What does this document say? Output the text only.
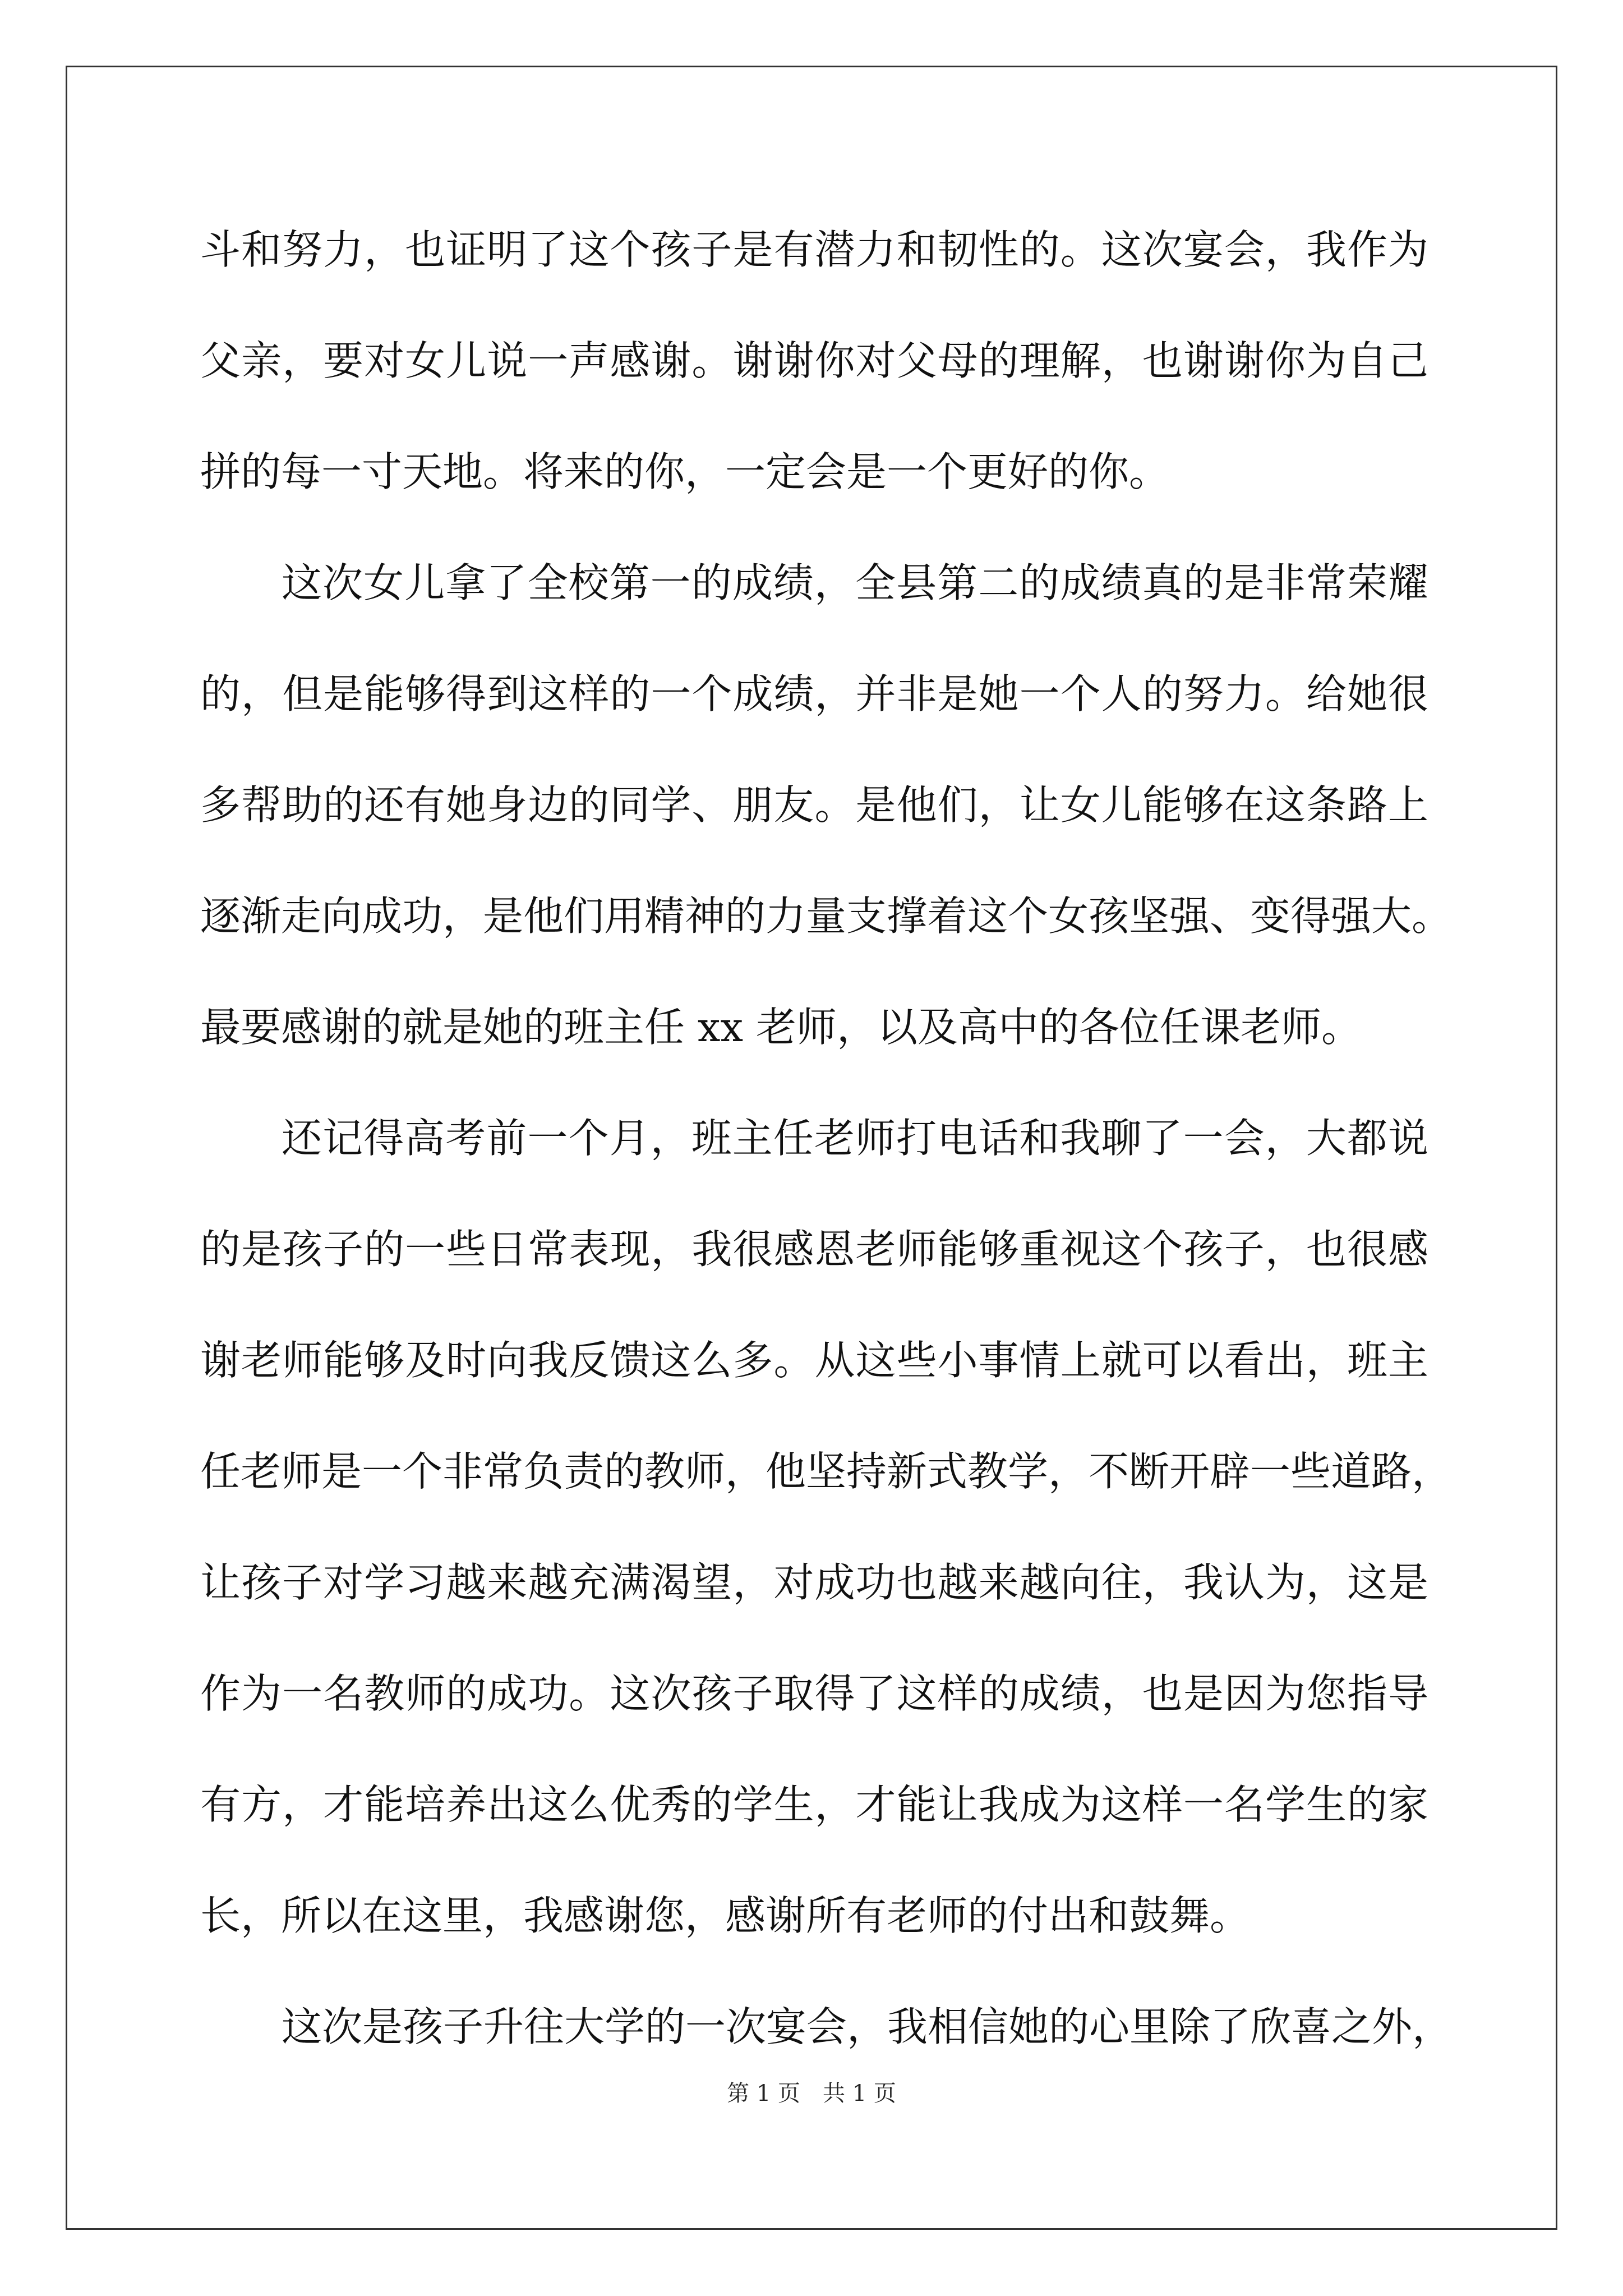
斗和努力，也证明了这个孩子是有潜力和韧性的。这次宴会，我作为
父亲，要对女儿说一声感谢。谢谢你对父母的理解，也谢谢你为自己
拼的每一寸天地。将来的你，一定会是一个更好的你。
这次女儿拿了全校第一的成绩，全县第二的成绩真的是非常荣耀
的，但是能够得到这样的一个成绩，并非是她一个人的努力。给她很
多帮助的还有她身边的同学、朋友。是他们，让女儿能够在这条路上
逐渐走向成功，是他们用精神的力量支撑着这个女孩坚强、变得强大。
最要感谢的就是她的班主任 xx 老师，以及高中的各位任课老师。
还记得高考前一个月，班主任老师打电话和我聊了一会，大都说
的是孩子的一些日常表现，我很感恩老师能够重视这个孩子，也很感
谢老师能够及时向我反馈这么多。从这些小事情上就可以看出，班主
任老师是一个非常负责的教师，他坚持新式教学，不断开辟一些道路，
让孩子对学习越来越充满渴望，对成功也越来越向往，我认为，这是
作为一名教师的成功。这次孩子取得了这样的成绩，也是因为您指导
有方，才能培养出这么优秀的学生，才能让我成为这样一名学生的家
长，所以在这里，我感谢您，感谢所有老师的付出和鼓舞。
这次是孩子升往大学的一次宴会，我相信她的心里除了欣喜之外，
第 1 页　共 1 页
